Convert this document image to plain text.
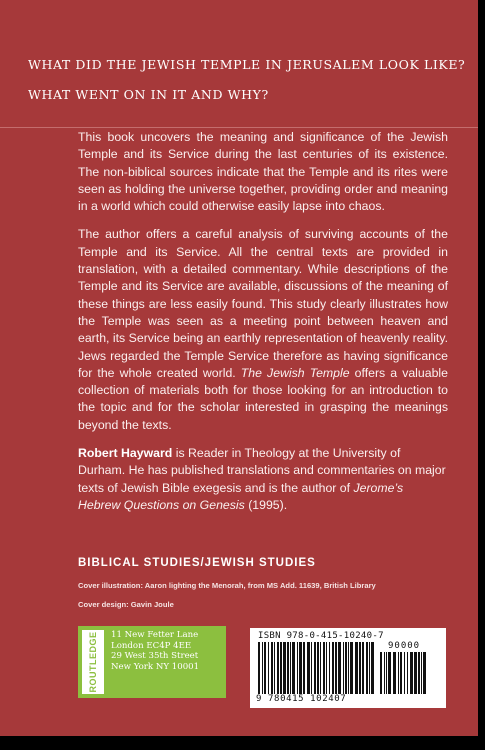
WHAT DID THE JEWISH TEMPLE IN JERUSALEM LOOK LIKE?
WHAT WENT ON IN IT AND WHY?

This book uncovers the meaning and significance of the Jewish Temple and its Service during the last centuries of its existence. The non-biblical sources indicate that the Temple and its rites were seen as holding the universe together, providing order and meaning in a world which could otherwise easily lapse into chaos.

The author offers a careful analysis of surviving accounts of the Temple and its Service. All the central texts are provided in translation, with a detailed commentary. While descriptions of the Temple and its Service are available, discussions of the meaning of these things are less easily found. This study clearly illustrates how the Temple was seen as a meeting point between heaven and earth, its Service being an earthly representation of heavenly reality. Jews regarded the Temple Service therefore as having significance for the whole created world. The Jewish Temple offers a valuable collection of materials both for those looking for an introduction to the topic and for the scholar interested in grasping the meanings beyond the texts.

Robert Hayward is Reader in Theology at the University of Durham. He has published translations and commentaries on major texts of Jewish Bible exegesis and is the author of Jerome’s Hebrew Questions on Genesis (1995).

BIBLICAL STUDIES/JEWISH STUDIES
Cover illustration: Aaron lighting the Menorah, from MS Add. 11639, British Library
Cover design: Gavin Joule
ROUTLEDGE 11 New Fetter Lane
London EC4P 4EE
29 West 35th Street
New York NY 10001
ISBN 978-0-415-10240-7
90000
9 780415 102407
